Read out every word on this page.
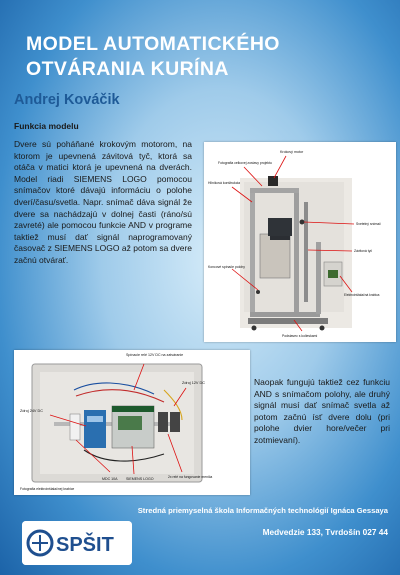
MODEL AUTOMATICKÉHO
OTVÁRANIA KURÍNA
Andrej Kováčik
Funkcia modelu
Dvere sú poháňané krokovým motorom, na ktorom je upevnená závitová tyč, ktorá sa otáča v matici ktorá je upevnená na dverách. Model riadi SIEMENS LOGO pomocou snímačov ktoré dávajú informáciu o polohe dverí/času/svetla. Napr. snímač dáva signál že dvere sa nachádzajú v dolnej časti (ráno/sú zavreté) ale pomocou funkcie AND v programe taktiež musí dať signál naprogramovaný časovač z SIEMENS LOGO až potom sa dvere začnú otvárať.
Krokový motor
Fotografia celkovej zostavy projektu
Hliníková konštrukcia
Svetelný snímač
Závitová tyč
Koncové spínače polohy
Elektroinštalačná krabica
Podstavec s kolieskami
Spínacie relé 12V DC na zatváranie
Zdroj 12V DC
Zdroj 24V DC
MDC 10A SIEMENS LOGO	2x relé na fungovanie meniča
Fotografia elektroinštalačnej krabice
Naopak fungujú taktiež cez funkciu AND s snímačom polohy, ale druhý signál musí dať snímač svetla až potom začnú ísť dvere dolu (pri polohe dvier hore/večer pri zotmievaní).
Stredná priemyselná škola Informačných technológií Ignáca Gessaya
Medvedzie 133, Tvrdošín 027 44
SPŠIT
